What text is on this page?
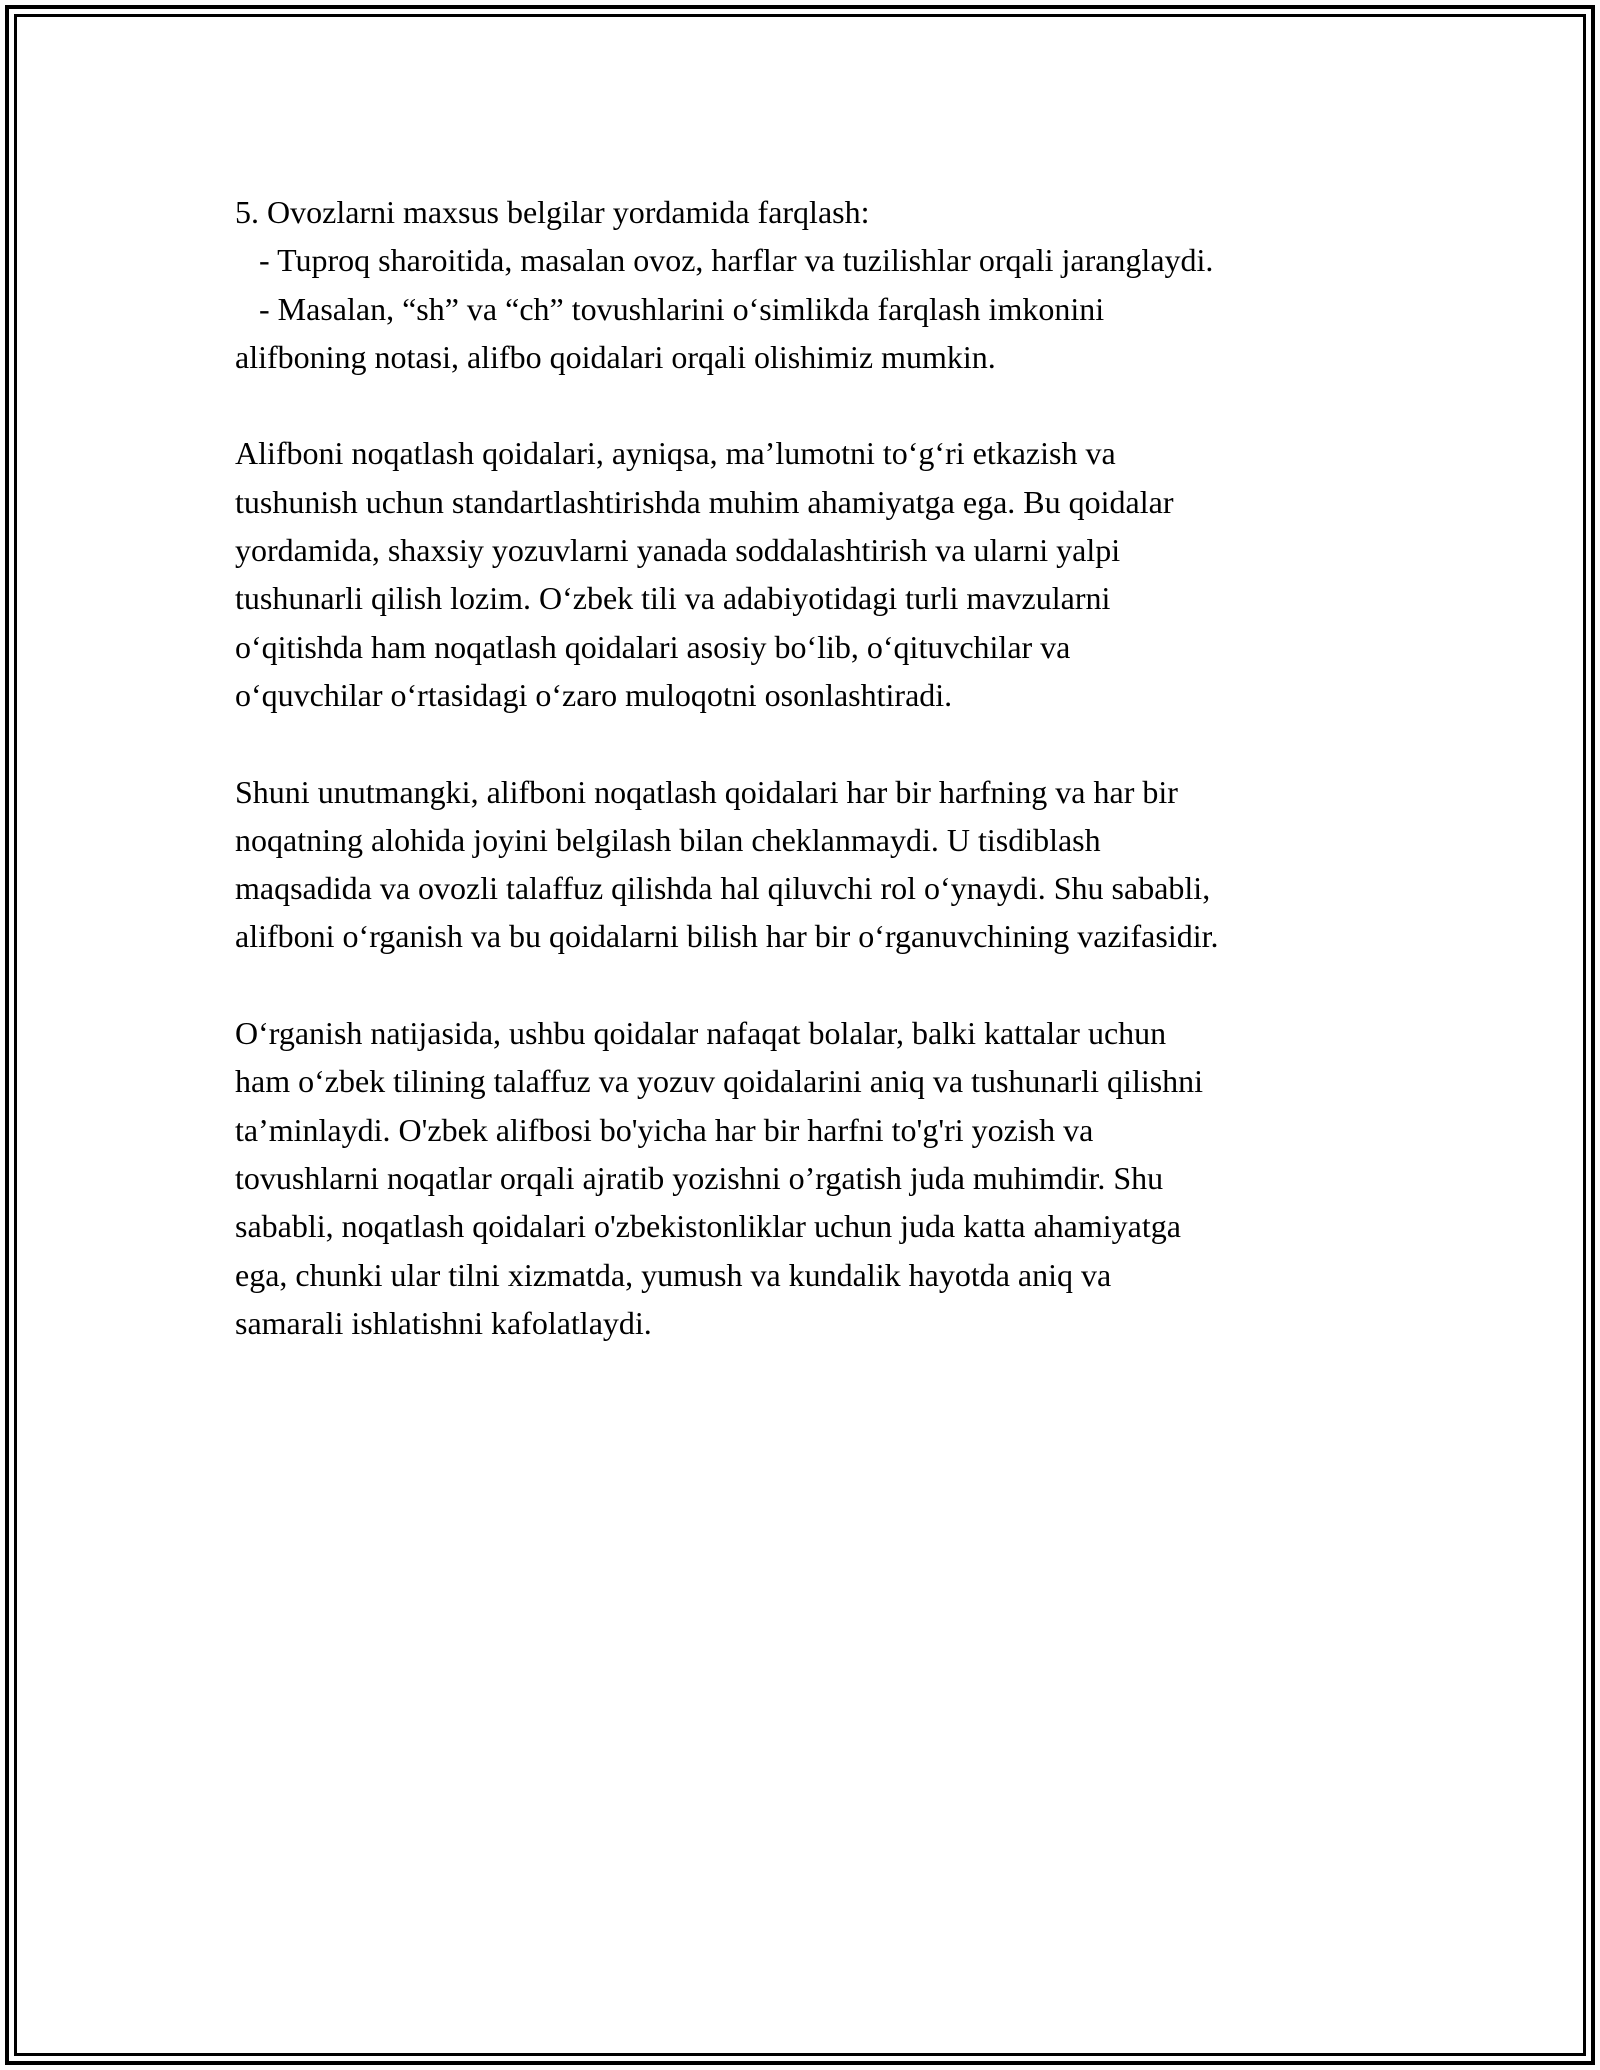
5. Ovozlarni maxsus belgilar yordamida farqlash:
- Tuproq sharoitida, masalan ovoz, harflar va tuzilishlar orqali jaranglaydi.
- Masalan, “sh” va “ch” tovushlarini o‘simlikda farqlash imkonini
alifboning notasi, alifbo qoidalari orqali olishimiz mumkin.

Alifboni noqatlash qoidalari, ayniqsa, ma’lumotni to‘g‘ri etkazish va
tushunish uchun standartlashtirishda muhim ahamiyatga ega. Bu qoidalar
yordamida, shaxsiy yozuvlarni yanada soddalashtirish va ularni yalpi
tushunarli qilish lozim. O‘zbek tili va adabiyotidagi turli mavzularni
o‘qitishda ham noqatlash qoidalari asosiy bo‘lib, o‘qituvchilar va
o‘quvchilar o‘rtasidagi o‘zaro muloqotni osonlashtiradi.

Shuni unutmangki, alifboni noqatlash qoidalari har bir harfning va har bir
noqatning alohida joyini belgilash bilan cheklanmaydi. U tisdiblash
maqsadida va ovozli talaffuz qilishda hal qiluvchi rol o‘ynaydi. Shu sababli,
alifboni o‘rganish va bu qoidalarni bilish har bir o‘rganuvchining vazifasidir.

O‘rganish natijasida, ushbu qoidalar nafaqat bolalar, balki kattalar uchun
ham o‘zbek tilining talaffuz va yozuv qoidalarini aniq va tushunarli qilishni
ta’minlaydi. O'zbek alifbosi bo'yicha har bir harfni to'g'ri yozish va
tovushlarni noqatlar orqali ajratib yozishni o’rgatish juda muhimdir. Shu
sababli, noqatlash qoidalari o'zbekistonliklar uchun juda katta ahamiyatga
ega, chunki ular tilni xizmatda, yumush va kundalik hayotda aniq va
samarali ishlatishni kafolatlaydi.
